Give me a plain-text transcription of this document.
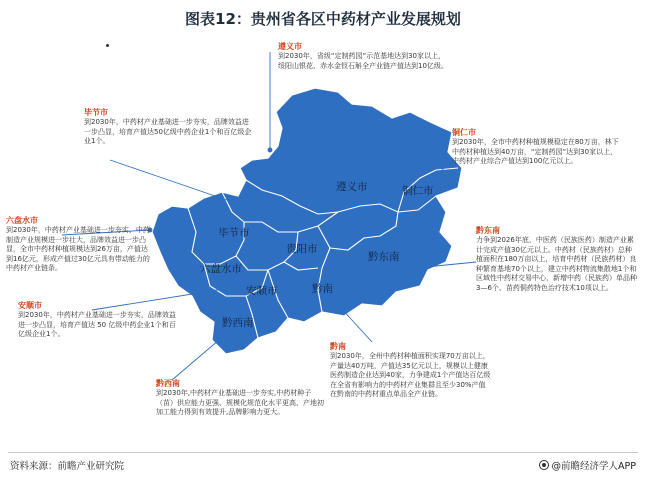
图表12：贵州省各区中药材产业发展规划
遵义市	铜仁市
毕节市
贵阳市
六盘水市
黔东南
黔南
安顺市
黔西南
遵义市
到2030年，省级“定制药园”示范基地达到30家以上，绥阳山银花、赤水金钗石斛全产业链产值达到10亿级。
毕节市
到2030年，中药材产业基础进一步夯实，品牌效益进一步凸显，培育产值达50亿级中药企业1个和百亿级企业1个。
铜仁市
到2030年，全市中药材种植规模稳定在80万亩，林下中药材种植达到40万亩，“定制药园”达到30家以上，中药材产业综合产值达到100亿元以上。
六盘水市
到2030年，中药材产业基础进一步夯实，中药制造产业规模进一步壮大，品牌效益进一步凸显，全市中药材种植规模达到26万亩，产值达到16亿元，形成产值过30亿元具有带动能力的中药材产业链条。
黔东南
力争到2026年底，中医药（民族医药）制造产业累计完成产值30亿元以上。中药材（民族药材）总种植面积在180万亩以上，培育中药材（民族药材）良种繁育基地70个以上，建立中药材物流集散地1个和区域性中药材交易中心，新增中药（民族药）单品种3—6个、苗药侗药特色治疗技术10项以上。
安顺市
到2030年，中药材产业基础进一步夯实，品牌效益进一步凸显，培育产值达 50 亿级中药企业1个和百亿级企业1个。
黔南
到2030年，全州中药材种植面积实现70万亩以上，产量达40万吨，产值达35亿元以上，规模以上健康医药制造企业达到40家，力争建成1个产值达百亿级在全省有影响力的中药材产业集群且至少30%产值在黔南的中药材重点单品全产业链。
黔西南
到2030年,中药材产业基础进一步夯实,中药材种子（苗）供应能力更强、规模化规范化水平更高、产地初加工能力得到有效提升,品牌影响力更大。
资料来源：前瞻产业研究院	@前瞻经济学人APP
